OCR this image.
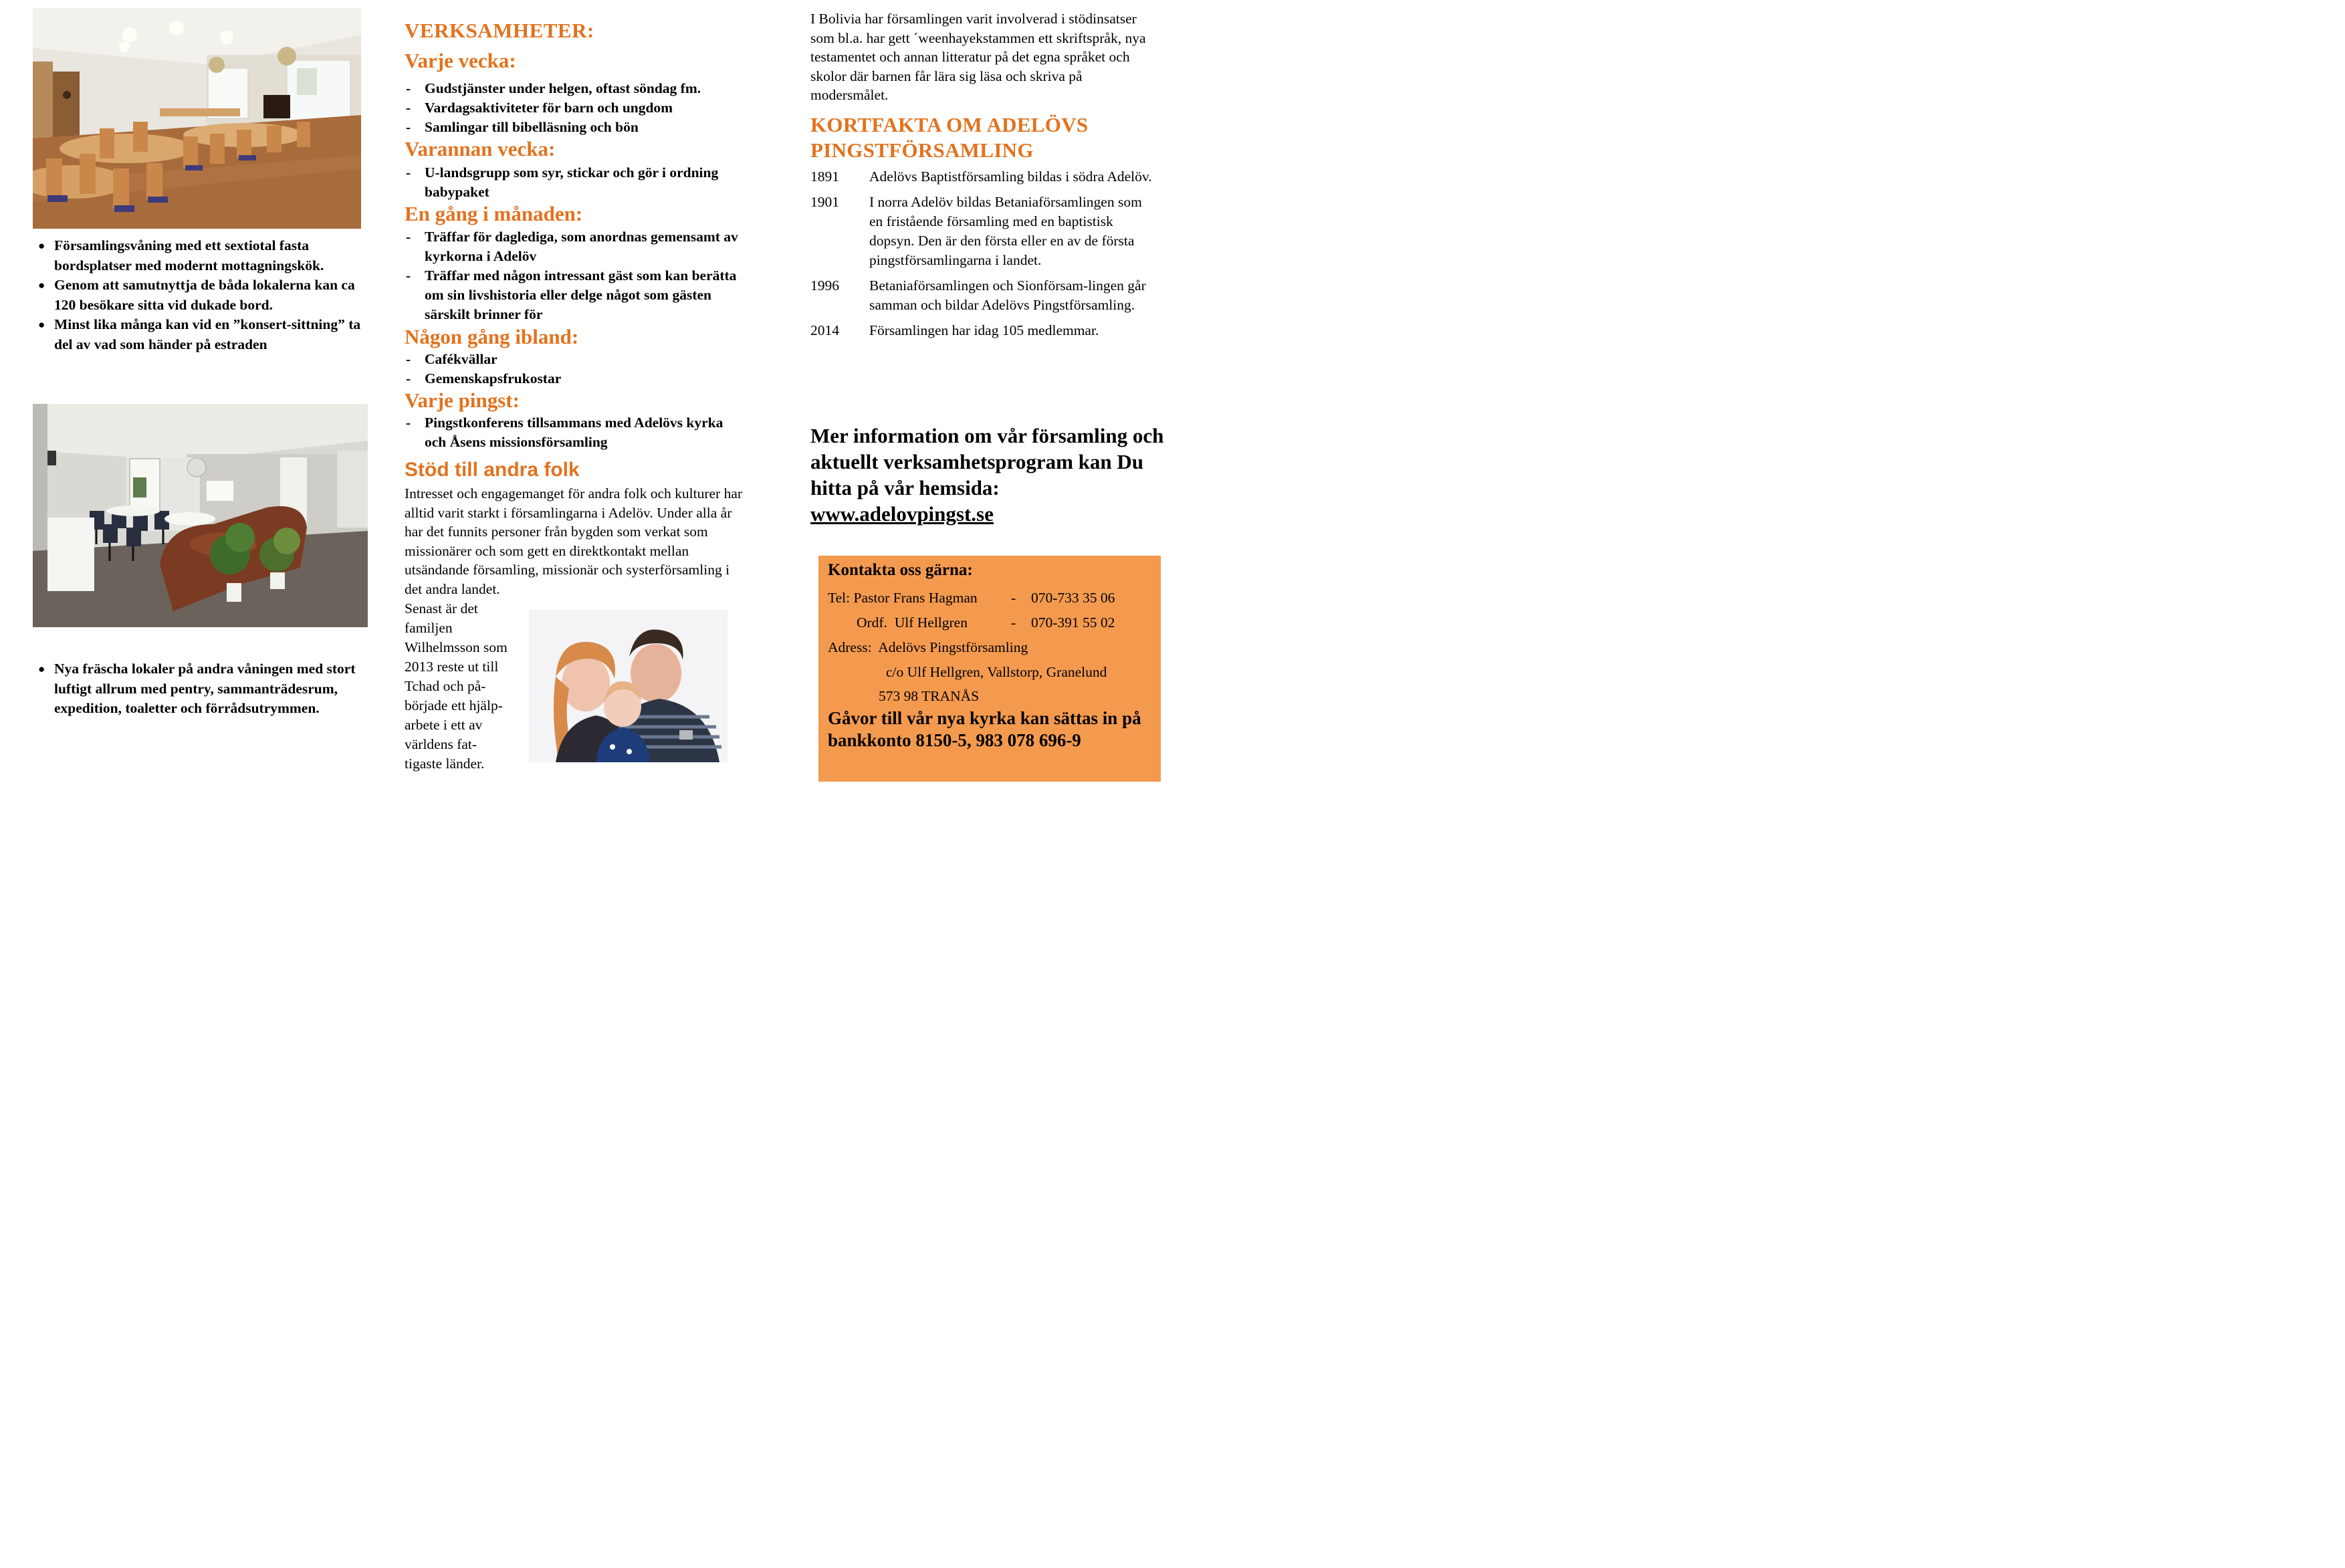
● Församlingsvåning med ett sextiotal fasta bordsplatser med modernt mottagningskök.
● Genom att samutnyttja de båda lokalerna kan ca 120 besökare sitta vid dukade bord.
● Minst lika många kan vid en ”konsert-sittning” ta del av vad som händer på estraden
● Nya fräscha lokaler på andra våningen med stort luftigt allrum med pentry, sammanträdesrum, expedition, toaletter och förrådsutrymmen.
VERKSAMHETER:
Varje vecka:
- Gudstjänster under helgen, oftast söndag fm.
- Vardagsaktiviteter för barn och ungdom
- Samlingar till bibelläsning och bön
Varannan vecka:
- U-landsgrupp som syr, stickar och gör i ordning babypaket
En gång i månaden:
- Träffar för daglediga, som anordnas gemensamt av kyrkorna i Adelöv
- Träffar med någon intressant gäst som kan berätta om sin livshistoria eller delge något som gästen särskilt brinner för
Någon gång ibland:
- Cafékvällar
- Gemenskapsfrukostar
Varje pingst:
- Pingstkonferens tillsammans med Adelövs kyrka och Åsens missionsförsamling
Stöd till andra folk
Intresset och engagemanget för andra folk och kulturer har alltid varit starkt i församlingarna i Adelöv. Under alla år har det funnits personer från bygden som verkat som missionärer och som gett en direktkontakt mellan utsändande församling, missionär och systerförsamling i det andra landet.
Senast är det
familjen
Wilhelmsson som
2013 reste ut till
Tchad och på-
började ett hjälp-
arbete i ett av
världens fat-
tigaste länder.
I Bolivia har församlingen varit involverad i stödinsatser som bl.a. har gett ´weenhayekstammen ett skriftspråk, nya testamentet och annan litteratur på det egna språket och skolor där barnen får lära sig läsa och skriva på modersmålet.
KORTFAKTA OM ADELÖVS
PINGSTFÖRSAMLING
1891 Adelövs Baptistförsamling bildas i södra Adelöv.
1901 I norra Adelöv bildas Betaniaförsamlingen som en fristående församling med en baptistisk dopsyn. Den är den första eller en av de första pingstförsamlingarna i landet.
1996 Betaniaförsamlingen och Sionförsam-lingen går samman och bildar Adelövs Pingstförsamling.
2014 Församlingen har idag 105 medlemmar.
Mer information om vår församling och aktuellt verksamhetsprogram kan Du hitta på vår hemsida:
www.adelovpingst.se
Kontakta oss gärna:
Tel: Pastor Frans Hagman - 070-733 35 06
Ordf.  Ulf Hellgren	- 070-391 55 02
Adress:  Adelövs Pingstförsamling
c/o Ulf Hellgren, Vallstorp, Granelund
573 98 TRANÅS
Gåvor till vår nya kyrka kan sättas in på bankkonto 8150-5, 983 078 696-9
